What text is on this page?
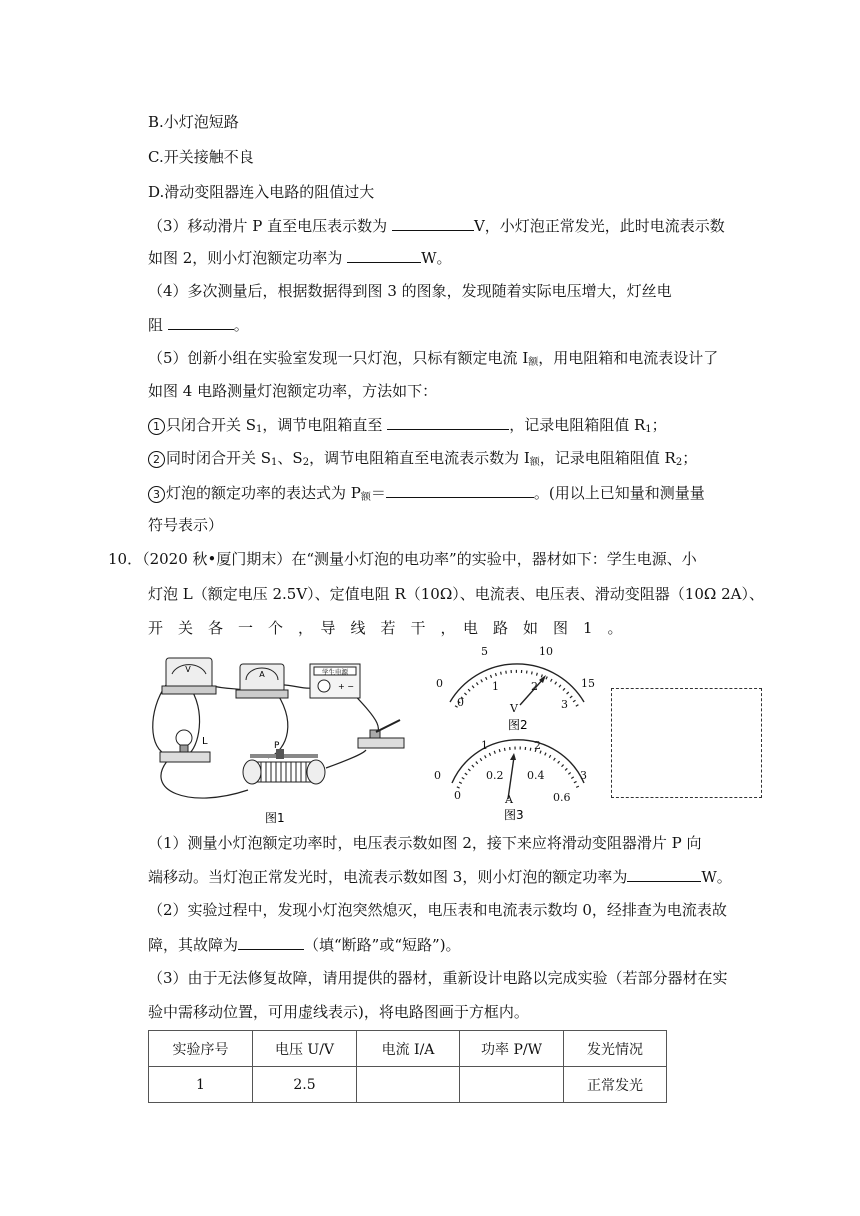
B.小灯泡短路
C.开关接触不良
D.滑动变阻器连入电路的阻值过大
（3）移动滑片 P 直至电压表示数为	V，小灯泡正常发光，此时电流表示数
如图 2，则小灯泡额定功率为	W。
（4）多次测量后，根据数据得到图 3 的图象，发现随着实际电压增大，灯丝电
阻	。
（5）创新小组在实验室发现一只灯泡，只标有额定电流 $I_额$，用电阻箱和电流表设计了
如图 4 电路测量灯泡额定功率，方法如下：
1 只闭合开关 $S_1$，调节电阻箱直至	，记录电阻箱阻值 $R_1$；
2 同时闭合开关 $S_1$、$S_2$，调节电阻箱直至电流表示数为 $I_额$，记录电阻箱阻值 $R_2$；
3 灯泡的额定功率的表达式为 $P_额=$	。(用以上已知量和测量量
符号表示）
10．（2020 秋•厦门期末）在“测量小灯泡的电功率”的实验中，器材如下：学生电源、小
灯泡 L（额定电压 2.5V）、定值电阻 R（10Ω）、电流表、电压表、滑动变阻器（10Ω 2A）、
开　关　各　一　个　，　导　线　若　干　，　电　路　如　图　1　。
V
A	学生电源
+ −
L	P
图1
0
5	10
15
0
1	2
3
V
图2
0
1	2
3
0
0.2 0.4
0.6
A
图3
（1）测量小灯泡额定功率时，电压表示数如图 2，接下来应将滑动变阻器滑片 P 向
端移动。当灯泡正常发光时，电流表示数如图 3，则小灯泡的额定功率为	W。
（2）实验过程中，发现小灯泡突然熄灭，电压表和电流表示数均 0，经排查为电流表故
障，其故障为	（填“断路”或“短路”)。
（3）由于无法修复故障，请用提供的器材，重新设计电路以完成实验（若部分器材在实
验中需移动位置，可用虚线表示)，将电路图画于方框内。
实验序号	电压 U/V	电流 I/A	功率 P/W	发光情况
1	2.5			正常发光
